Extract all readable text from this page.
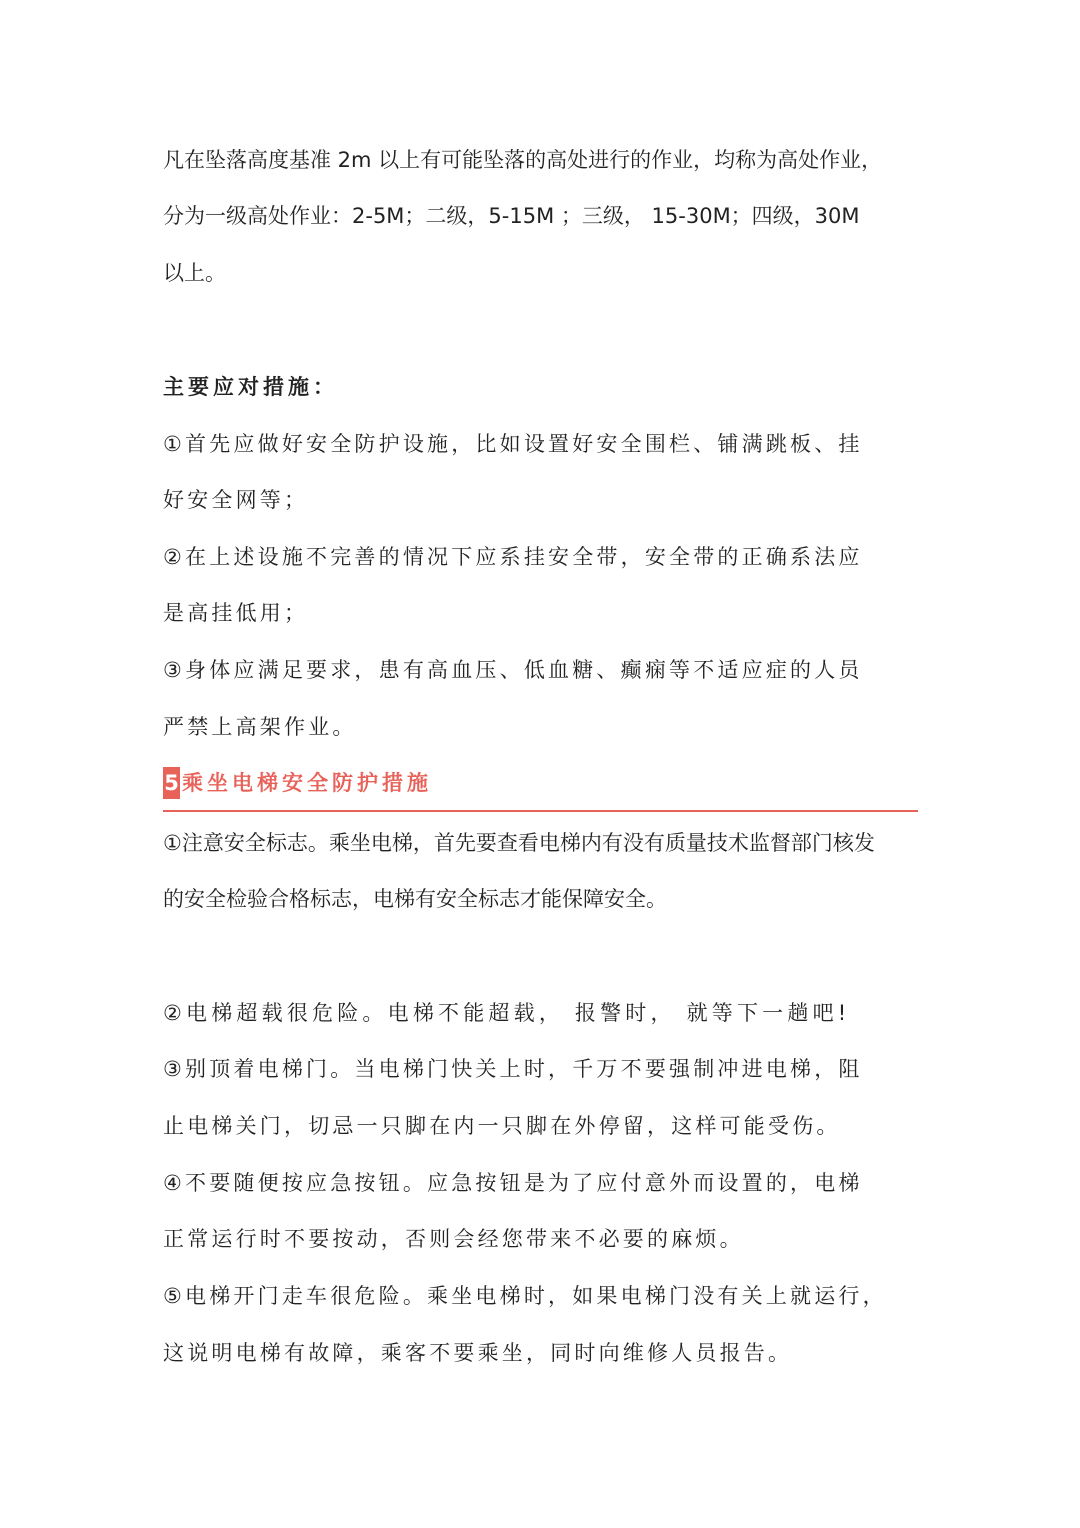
凡在坠落高度基准 2m 以上有可能坠落的高处进行的作业，均称为高处作业，
分为一级高处作业：2-5M；二级，5-15M ；三级， 15-30M；四级，30M
以上。
主要应对措施：
①首先应做好安全防护设施，比如设置好安全围栏、铺满跳板、挂
好安全网等；
②在上述设施不完善的情况下应系挂安全带，安全带的正确系法应
是高挂低用；
③身体应满足要求，患有高血压、低血糖、癫痫等不适应症的人员
严禁上高架作业。
5 乘坐电梯安全防护措施
①注意安全标志。乘坐电梯，首先要查看电梯内有没有质量技术监督部门核发
的安全检验合格标志，电梯有安全标志才能保障安全。
②电梯超载很危险。电梯不能超载， 报警时， 就等下一趟吧!
③别顶着电梯门。当电梯门快关上时，千万不要强制冲进电梯，阻
止电梯关门，切忌一只脚在内一只脚在外停留，这样可能受伤。
④不要随便按应急按钮。应急按钮是为了应付意外而设置的，电梯
正常运行时不要按动，否则会经您带来不必要的麻烦。
⑤电梯开门走车很危险。乘坐电梯时，如果电梯门没有关上就运行，
这说明电梯有故障，乘客不要乘坐，同时向维修人员报告。
